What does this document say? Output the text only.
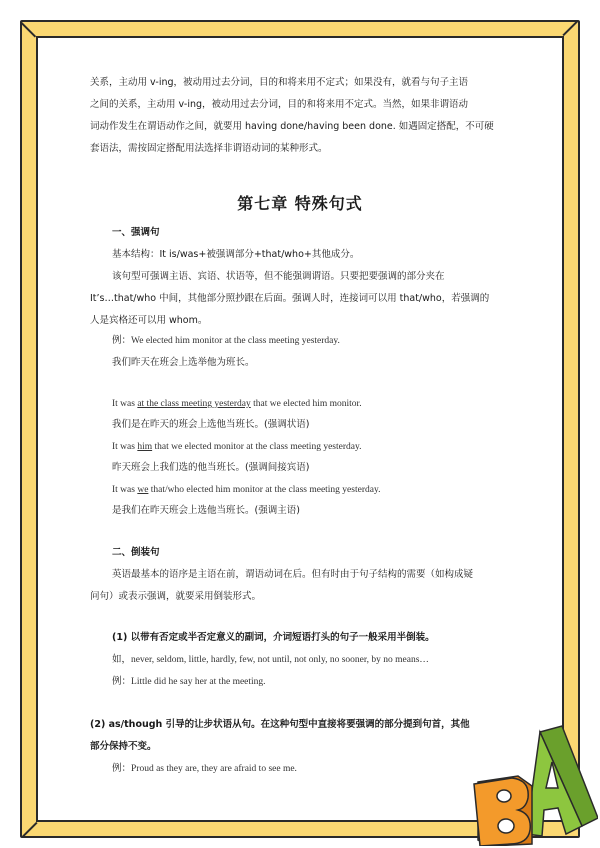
关系，主动用 v-ing，被动用过去分词，目的和将来用不定式；如果没有，就看与句子主语
之间的关系，主动用 v-ing，被动用过去分词，目的和将来用不定式。当然，如果非谓语动
词动作发生在谓语动作之间，就要用 having done/having been done. 如遇固定搭配，不可硬
套语法，需按固定搭配用法选择非谓语动词的某种形式。
第七章 特殊句式
一、强调句
基本结构：It is/was+被强调部分+that/who+其他成分。
该句型可强调主语、宾语、状语等，但不能强调谓语。只要把要强调的部分夹在
It’s…that/who 中间，其他部分照抄跟在后面。强调人时，连接词可以用 that/who，若强调的
人是宾格还可以用 whom。
例：We elected him monitor at the class meeting yesterday.
我们昨天在班会上选举他为班长。
It was at the class meeting yesterday that we elected him monitor.
我们是在昨天的班会上选他当班长。(强调状语)
It was him that we elected monitor at the class meeting yesterday.
昨天班会上我们选的他当班长。(强调间接宾语)
It was we that/who elected him monitor at the class meeting yesterday.
是我们在昨天班会上选他当班长。(强调主语)
二、倒装句
英语最基本的语序是主语在前，谓语动词在后。但有时由于句子结构的需要（如构成疑
问句）或表示强调，就要采用倒装形式。
(1) 以带有否定或半否定意义的副词，介词短语打头的句子一般采用半倒装。
如，never, seldom, little, hardly, few, not until, not only, no sooner, by no means…
例：Little did he say her at the meeting.
(2) as/though 引导的让步状语从句。在这种句型中直接将要强调的部分提到句首，其他
部分保持不变。
例：Proud as they are, they are afraid to see me.
